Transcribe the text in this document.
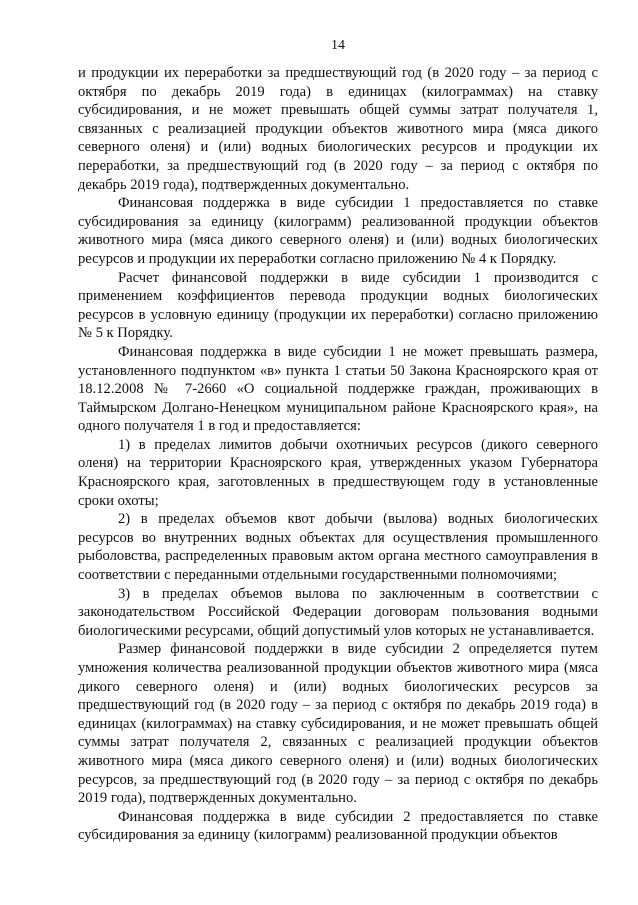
14

и продукции их переработки за предшествующий год (в 2020 году – за период с октября по декабрь 2019 года) в единицах (килограммах) на ставку субсидирования, и не может превышать общей суммы затрат получателя 1, связанных с реализацией продукции объектов животного мира (мяса дикого северного оленя) и (или) водных биологических ресурсов и продукции их переработки, за предшествующий год (в 2020 году – за период с октября по декабрь 2019 года), подтвержденных документально.

Финансовая поддержка в виде субсидии 1 предоставляется по ставке субсидирования за единицу (килограмм) реализованной продукции объектов животного мира (мяса дикого северного оленя) и (или) водных биологических ресурсов и продукции их переработки согласно приложению № 4 к Порядку.

Расчет финансовой поддержки в виде субсидии 1 производится с применением коэффициентов перевода продукции водных биологических ресурсов в условную единицу (продукции их переработки) согласно приложению № 5 к Порядку.

Финансовая поддержка в виде субсидии 1 не может превышать размера, установленного подпунктом «в» пункта 1 статьи 50 Закона Красноярского края от 18.12.2008 № 7-2660 «О социальной поддержке граждан, проживающих в Таймырском Долгано-Ненецком муниципальном районе Красноярского края», на одного получателя 1 в год и предоставляется:

1) в пределах лимитов добычи охотничьих ресурсов (дикого северного оленя) на территории Красноярского края, утвержденных указом Губернатора Красноярского края, заготовленных в предшествующем году в установленные сроки охоты;

2) в пределах объемов квот добычи (вылова) водных биологических ресурсов во внутренних водных объектах для осуществления промышленного рыболовства, распределенных правовым актом органа местного самоуправления в соответствии с переданными отдельными государственными полномочиями;

3) в пределах объемов вылова по заключенным в соответствии с законодательством Российской Федерации договорам пользования водными биологическими ресурсами, общий допустимый улов которых не устанавливается.

Размер финансовой поддержки в виде субсидии 2 определяется путем умножения количества реализованной продукции объектов животного мира (мяса дикого северного оленя) и (или) водных биологических ресурсов за предшествующий год (в 2020 году – за период с октября по декабрь 2019 года) в единицах (килограммах) на ставку субсидирования, и не может превышать общей суммы затрат получателя 2, связанных с реализацией продукции объектов животного мира (мяса дикого северного оленя) и (или) водных биологических ресурсов, за предшествующий год (в 2020 году – за период с октября по декабрь 2019 года), подтвержденных документально.

Финансовая поддержка в виде субсидии 2 предоставляется по ставке субсидирования за единицу (килограмм) реализованной продукции объектов
